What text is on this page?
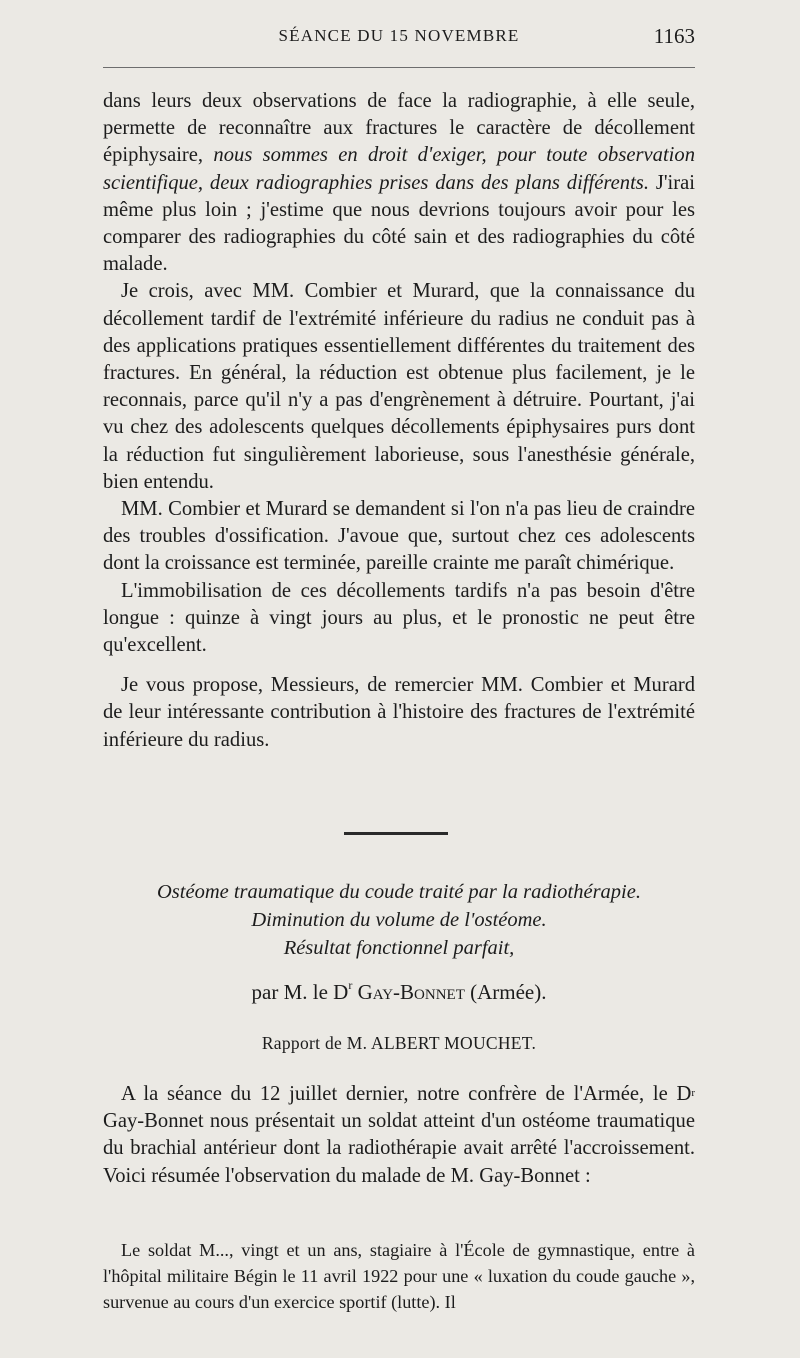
SÉANCE DU 15 NOVEMBRE	1163

dans leurs deux observations de face la radiographie, à elle seule, permette de reconnaître aux fractures le caractère de décollement épiphysaire, nous sommes en droit d'exiger, pour toute observation scientifique, deux radiographies prises dans des plans différents. J'irai même plus loin ; j'estime que nous devrions toujours avoir pour les comparer des radiographies du côté sain et des radiographies du côté malade.

Je crois, avec MM. Combier et Murard, que la connaissance du décollement tardif de l'extrémité inférieure du radius ne conduit pas à des applications pratiques essentiellement différentes du traitement des fractures. En général, la réduction est obtenue plus facilement, je le reconnais, parce qu'il n'y a pas d'engrènement à détruire. Pourtant, j'ai vu chez des adolescents quelques décollements épiphysaires purs dont la réduction fut singulièrement laborieuse, sous l'anesthésie générale, bien entendu.

MM. Combier et Murard se demandent si l'on n'a pas lieu de craindre des troubles d'ossification. J'avoue que, surtout chez ces adolescents dont la croissance est terminée, pareille crainte me paraît chimérique.

L'immobilisation de ces décollements tardifs n'a pas besoin d'être longue : quinze à vingt jours au plus, et le pronostic ne peut être qu'excellent.

Je vous propose, Messieurs, de remercier MM. Combier et Murard de leur intéressante contribution à l'histoire des fractures de l'extrémité inférieure du radius.

Ostéome traumatique du coude traité par la radiothérapie.
Diminution du volume de l'ostéome.
Résultat fonctionnel parfait,
par M. le $D^r$ Gay-Bonnet (Armée).
Rapport de M. ALBERT MOUCHET.

A la séance du 12 juillet dernier, notre confrère de l'Armée, le $D^r$ Gay-Bonnet nous présentait un soldat atteint d'un ostéome traumatique du brachial antérieur dont la radiothérapie avait arrêté l'accroissement. Voici résumée l'observation du malade de M. Gay-Bonnet :

Le soldat M..., vingt et un ans, stagiaire à l'École de gymnastique, entre à l'hôpital militaire Bégin le 11 avril 1922 pour une « luxation du coude gauche », survenue au cours d'un exercice sportif (lutte). Il
